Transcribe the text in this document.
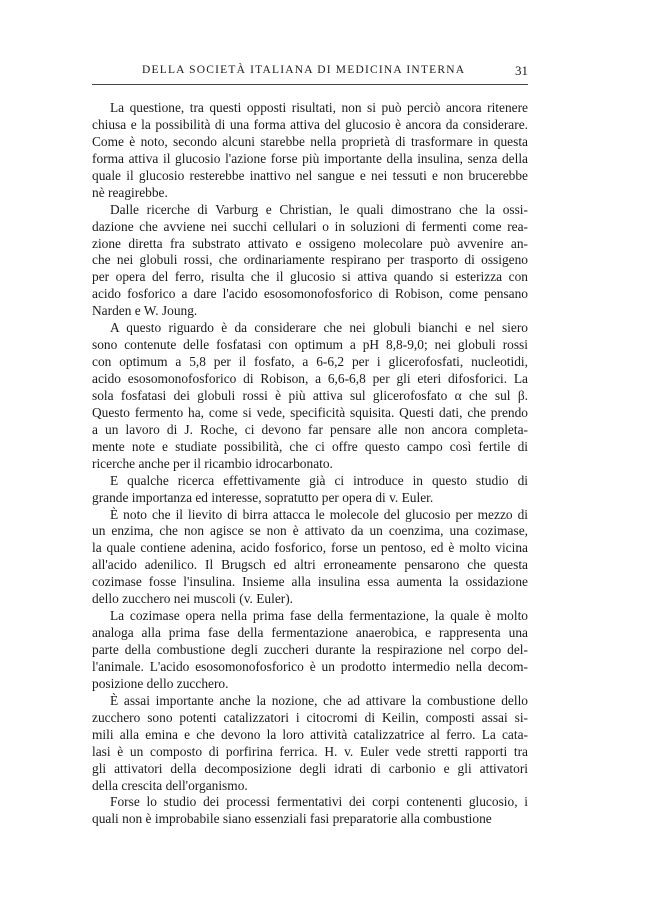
DELLA SOCIETÀ ITALIANA DI MEDICINA INTERNA	31

La questione, tra questi opposti risultati, non si può perciò ancora ritenere
chiusa e la possibilità di una forma attiva del glucosio è ancora da considerare.
Come è noto, secondo alcuni starebbe nella proprietà di trasformare in questa
forma attiva il glucosio l'azione forse più importante della insulina, senza della
quale il glucosio resterebbe inattivo nel sangue e nei tessuti e non brucerebbe
nè reagirebbe.

Dalle ricerche di Varburg e Christian, le quali dimostrano che la ossi-
dazione che avviene nei succhi cellulari o in soluzioni di fermenti come rea-
zione diretta fra substrato attivato e ossigeno molecolare può avvenire an-
che nei globuli rossi, che ordinariamente respirano per trasporto di ossigeno
per opera del ferro, risulta che il glucosio si attiva quando si esterizza con
acido fosforico a dare l'acido esosomonofosforico di Robison, come pensano
Narden e W. Joung.

A questo riguardo è da considerare che nei globuli bianchi e nel siero
sono contenute delle fosfatasi con optimum a pH 8,8-9,0; nei globuli rossi
con optimum a 5,8 per il fosfato, a 6-6,2 per i glicerofosfati, nucleotidi,
acido esosomonofosforico di Robison, a 6,6-6,8 per gli eteri difosforici. La
sola fosfatasi dei globuli rossi è più attiva sul glicerofosfato α che sul β.
Questo fermento ha, come si vede, specificità squisita. Questi dati, che prendo
a un lavoro di J. Roche, ci devono far pensare alle non ancora completa-
mente note e studiate possibilità, che ci offre questo campo così fertile di
ricerche anche per il ricambio idrocarbonato.

E qualche ricerca effettivamente già ci introduce in questo studio di
grande importanza ed interesse, sopratutto per opera di v. Euler.

È noto che il lievito di birra attacca le molecole del glucosio per mezzo di
un enzima, che non agisce se non è attivato da un coenzima, una cozimase,
la quale contiene adenina, acido fosforico, forse un pentoso, ed è molto vicina
all'acido adenilico. Il Brugsch ed altri erroneamente pensarono che questa
cozimase fosse l'insulina. Insieme alla insulina essa aumenta la ossidazione
dello zucchero nei muscoli (v. Euler).

La cozimase opera nella prima fase della fermentazione, la quale è molto
analoga alla prima fase della fermentazione anaerobica, e rappresenta una
parte della combustione degli zuccheri durante la respirazione nel corpo del-
l'animale. L'acido esosomonofosforico è un prodotto intermedio nella decom-
posizione dello zucchero.

È assai importante anche la nozione, che ad attivare la combustione dello
zucchero sono potenti catalizzatori i citocromi di Keilin, composti assai si-
mili alla emina e che devono la loro attività catalizzatrice al ferro. La cata-
lasi è un composto di porfirina ferrica. H. v. Euler vede stretti rapporti tra
gli attivatori della decomposizione degli idrati di carbonio e gli attivatori
della crescita dell'organismo.

Forse lo studio dei processi fermentativi dei corpi contenenti glucosio, i
quali non è improbabile siano essenziali fasi preparatorie alla combustione
